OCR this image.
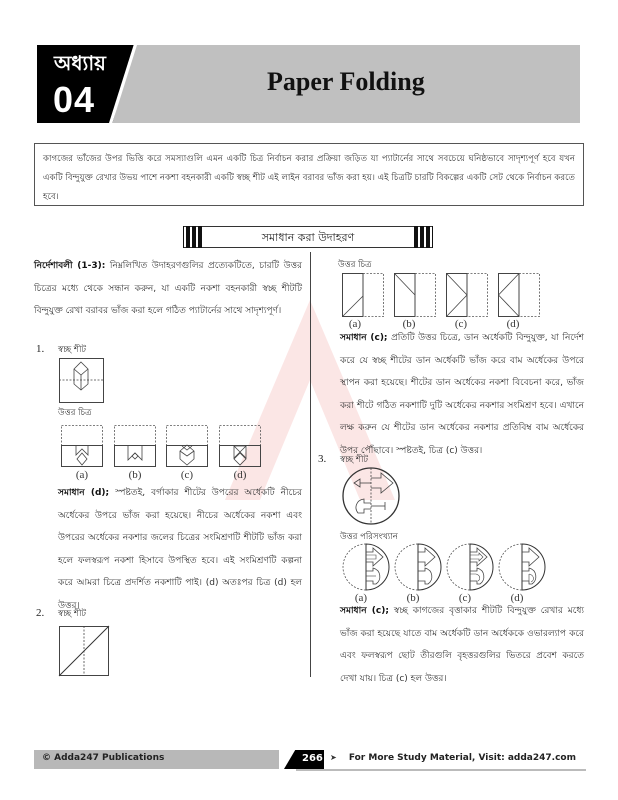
অধ্যায়
04	Paper Folding
কাগজের ভাঁজের উপর ভিত্তি করে সমস্যাগুলি এমন একটি চিত্র নির্বাচন করার প্রক্রিয়া জড়িত যা প্যাটার্নের সাথে সবচেয়ে ঘনিষ্ঠভাবে সাদৃশ্যপূর্ণ হবে যখন একটি বিন্দুযুক্ত রেখার উভয় পাশে নকশা বহনকারী একটি স্বচ্ছ শীট এই লাইন বরাবর ভাঁজ করা হয়। এই চিত্রটি চারটি বিকল্পের একটি সেট থেকে নির্বাচন করতে হবে।
সমাধান করা উদাহরণ
নির্দেশাবলী (1-3): নিম্নলিখিত উদাহরণগুলির প্রত্যেকটিতে, চারটি উত্তর চিত্রের মধ্যে থেকে সন্ধান করুন, যা একটি নকশা বহনকারী স্বচ্ছ শীটটি বিন্দুযুক্ত রেখা বরাবর ভাঁজ করা হলে গঠিত প্যাটার্নের সাথে সাদৃশ্যপূর্ণ।
1. স্বচ্ছ শীট
উত্তর চিত্র
(a)	(b)	(c)	(d)
সমাধান (d); স্পষ্টতই, বর্গাকার শীটের উপরের অর্ধেকটি নীচের অর্ধেকের উপরে ভাঁজ করা হয়েছে। নীচের অর্ধেকের নকশা এবং উপরের অর্ধেকের নকশার জলের চিত্রের সংমিশ্রণটি শীটটি ভাঁজ করা হলে ফলস্বরূপ নকশা হিসাবে উপস্থিত হবে। এই সংমিশ্রণটি কল্পনা করে আমরা চিত্রে প্রদর্শিত নকশাটি পাই। (d) অতঃপর চিত্র (d) হল উত্তর।
2. স্বচ্ছ শীট
উত্তর চিত্র
(a)	(b)	(c)	(d)
সমাধান (c); প্রতিটি উত্তর চিত্রে, ডান অর্ধেকটি বিন্দুযুক্ত, যা নির্দেশ করে যে স্বচ্ছ শীটের ডান অর্ধেকটি ভাঁজ করে বাম অর্ধেকের উপরে স্থাপন করা হয়েছে। শীটের ডান অর্ধেকের নকশা বিবেচনা করে, ভাঁজ করা শীটে গঠিত নকশাটি দুটি অর্ধেকের নকশার সংমিশ্রণ হবে। এখানে লক্ষ করুন যে শীটের ডান অর্ধেকের নকশার প্রতিবিম্ব বাম অর্ধেকের উপর পৌঁছাবে। স্পষ্টতই, চিত্র (c) উত্তর।
3. স্বচ্ছ শীট
উত্তর পরিসংখ্যান
(a)	(b)	(c)	(d)
সমাধান (c); স্বচ্ছ কাগজের বৃত্তাকার শীটটি বিন্দুযুক্ত রেখার মধ্যে ভাঁজ করা হয়েছে যাতে বাম অর্ধেকটি ডান অর্ধেককে ওভারল্যাপ করে এবং ফলস্বরূপ ছোট তীরগুলি বৃহত্তরগুলির ভিতরে প্রবেশ করতে দেখা যায়। চিত্র (c) হল উত্তর।
© Adda247 Publications	266 ➤ For More Study Material, Visit: adda247.com
